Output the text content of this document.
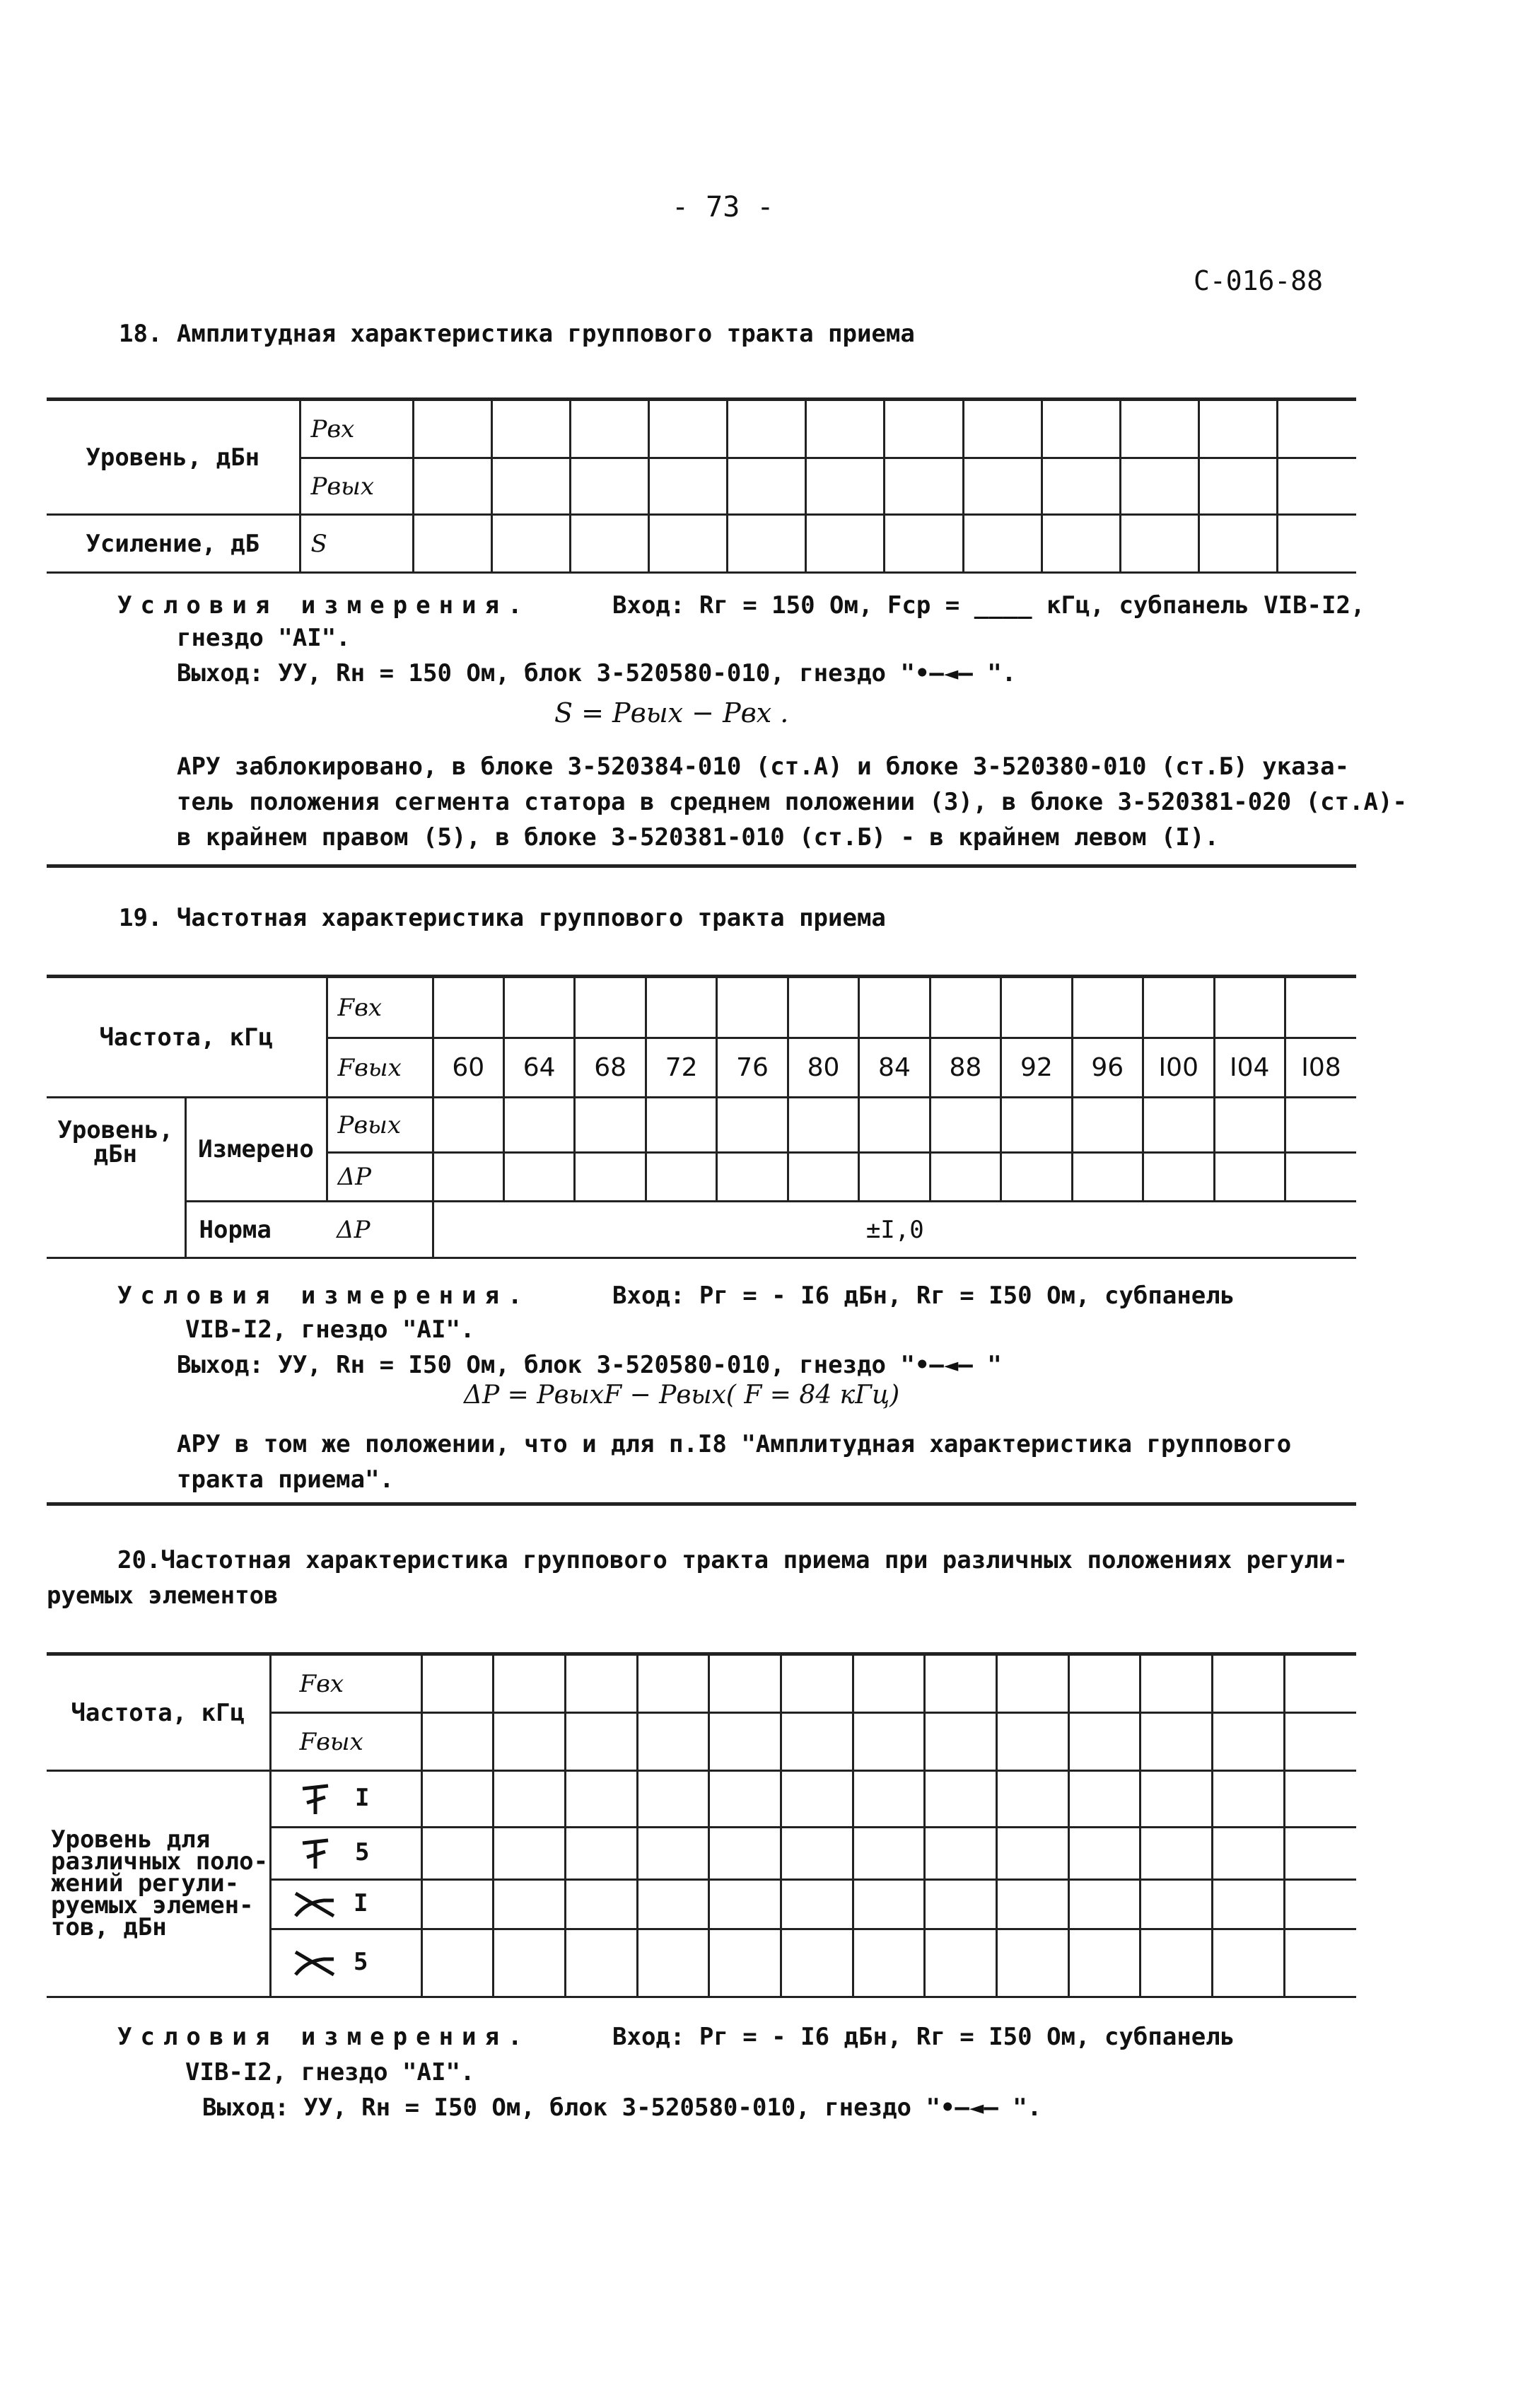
- 73 -
С-016-88
18. Амплитудная характеристика группового тракта приема
Уровень, дБн	Pвх												
	Pвых												
Усиление, дБ	S												
Условия измерения.	Вход: Rг = 150 Ом, Fср = ____ кГц, субпанель VIB-I2,
гнездо "AI".
Выход: УУ, Rн = 150 Ом, блок 3-520580-010, гнездо "•—◄— ".
S = Pвых − Pвх .
АРУ заблокировано, в блоке 3-520384-010 (ст.А) и блоке 3-520380-010 (ст.Б) указа-
тель положения сегмента статора в среднем положении (3), в блоке 3-520381-020 (ст.А)-
в крайнем правом (5), в блоке 3-520381-010 (ст.Б) - в крайнем левом (I).
19. Частотная характеристика группового тракта приема
Частота, кГц		Fвх													
		Fвых	60	64	68	72	76	80	84	88	92	96	I00	I04	I08
Уровень, дБн	Измерено	Pвых													
		ΔP													
	Норма	ΔP	±I,0												
Условия измерения.	Вход: Pг = - I6 дБн, Rг = I50 Ом, субпанель
VIB-I2, гнездо "AI".
Выход: УУ, Rн = I50 Ом, блок 3-520580-010, гнездо "•—◄— "
ΔP = PвыхF − Pвых( F = 84 кГц)
АРУ в том же положении, что и для п.I8 "Амплитудная характеристика группового
тракта приема".
20.Частотная характеристика группового тракта приема при различных положениях регули-
руемых элементов
Частота, кГц	Fвх													
	Fвых													

Уровень для
различных поло-
жений регули-
руемых элемен-
тов, дБн	I													
	5													
	I													
	5													
Условия измерения.	Вход: Pг = - I6 дБн, Rг = I50 Ом, субпанель
VIB-I2, гнездо "AI".
Выход: УУ, Rн = I50 Ом, блок 3-520580-010, гнездо "•—◄— ".
